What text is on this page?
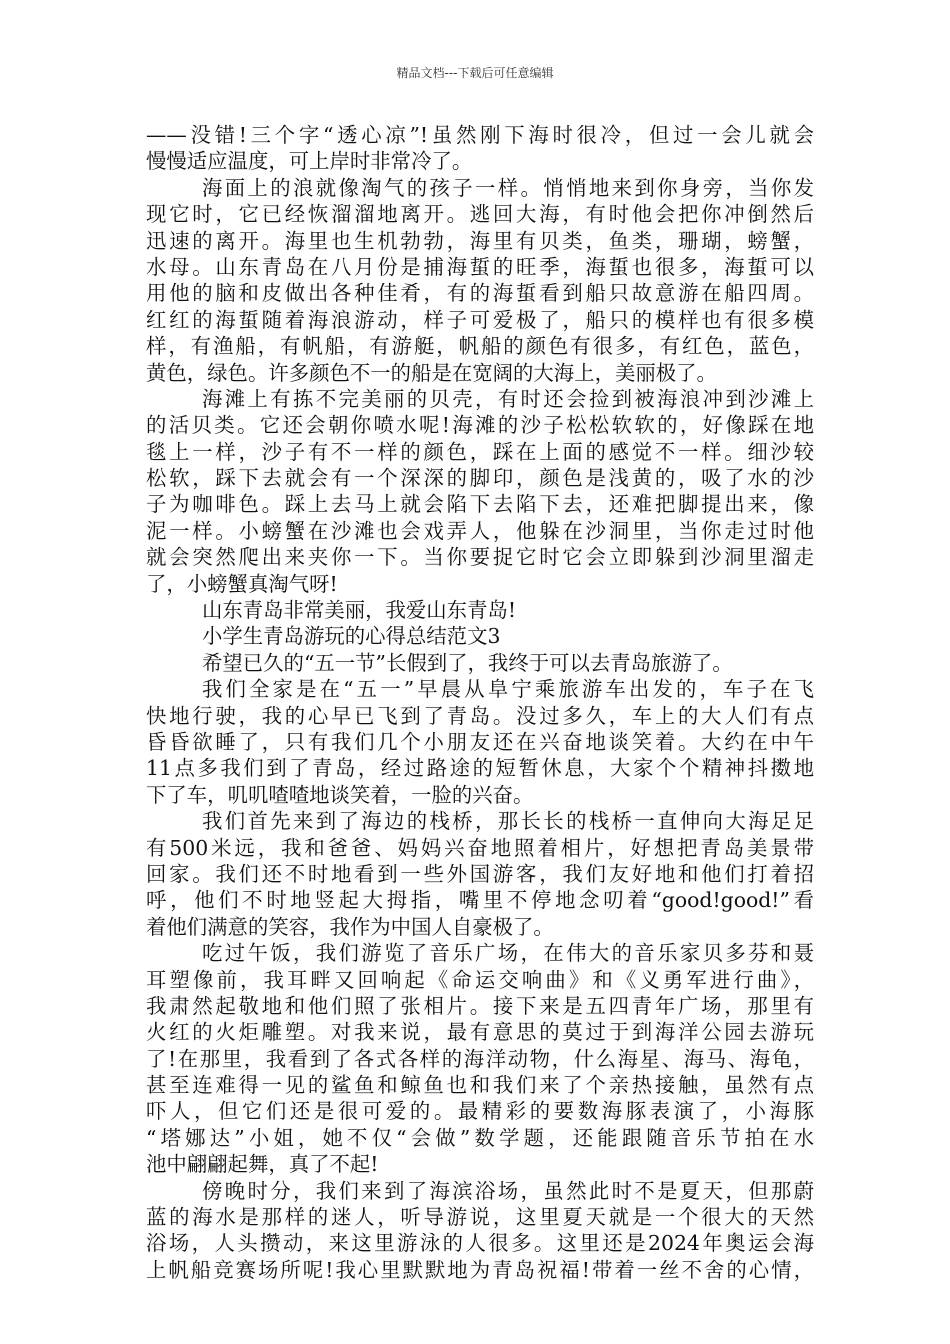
精品文档---下载后可任意编辑
——没错!三个字“透心凉”!虽然刚下海时很冷，但过一会儿就会
慢慢适应温度，可上岸时非常冷了。
海面上的浪就像淘气的孩子一样。悄悄地来到你身旁，当你发
现它时，它已经恢溜溜地离开。逃回大海，有时他会把你冲倒然后
迅速的离开。海里也生机勃勃，海里有贝类，鱼类，珊瑚，螃蟹，
水母。山东青岛在八月份是捕海蜇的旺季，海蜇也很多，海蜇可以
用他的脑和皮做出各种佳肴，有的海蜇看到船只故意游在船四周。
红红的海蜇随着海浪游动，样子可爱极了，船只的模样也有很多模
样，有渔船，有帆船，有游艇，帆船的颜色有很多，有红色，蓝色，
黄色，绿色。许多颜色不一的船是在宽阔的大海上，美丽极了。
海滩上有拣不完美丽的贝壳，有时还会捡到被海浪冲到沙滩上
的活贝类。它还会朝你喷水呢!海滩的沙子松松软软的，好像踩在地
毯上一样，沙子有不一样的颜色，踩在上面的感觉不一样。细沙较
松软，踩下去就会有一个深深的脚印，颜色是浅黄的，吸了水的沙
子为咖啡色。踩上去马上就会陷下去陷下去，还难把脚提出来，像
泥一样。小螃蟹在沙滩也会戏弄人，他躲在沙洞里，当你走过时他
就会突然爬出来夹你一下。当你要捉它时它会立即躲到沙洞里溜走
了，小螃蟹真淘气呀!
山东青岛非常美丽，我爱山东青岛!
小学生青岛游玩的心得总结范文3
希望已久的“五一节”长假到了，我终于可以去青岛旅游了。
我们全家是在“五一”早晨从阜宁乘旅游车出发的，车子在飞
快地行驶，我的心早已飞到了青岛。没过多久，车上的大人们有点
昏昏欲睡了，只有我们几个小朋友还在兴奋地谈笑着。大约在中午
11点多我们到了青岛，经过路途的短暂休息，大家个个精神抖擞地
下了车，叽叽喳喳地谈笑着，一脸的兴奋。
我们首先来到了海边的栈桥，那长长的栈桥一直伸向大海足足
有500米远，我和爸爸、妈妈兴奋地照着相片，好想把青岛美景带
回家。我们还不时地看到一些外国游客，我们友好地和他们打着招
呼，他们不时地竖起大拇指，嘴里不停地念叨着“good!good!”看
着他们满意的笑容，我作为中国人自豪极了。
吃过午饭，我们游览了音乐广场，在伟大的音乐家贝多芬和聂
耳塑像前，我耳畔又回响起《命运交响曲》和《义勇军进行曲》，
我肃然起敬地和他们照了张相片。接下来是五四青年广场，那里有
火红的火炬雕塑。对我来说，最有意思的莫过于到海洋公园去游玩
了!在那里，我看到了各式各样的海洋动物，什么海星、海马、海龟，
甚至连难得一见的鲨鱼和鲸鱼也和我们来了个亲热接触，虽然有点
吓人，但它们还是很可爱的。最精彩的要数海豚表演了，小海豚
“塔娜达”小姐，她不仅“会做”数学题，还能跟随音乐节拍在水
池中翩翩起舞，真了不起!
傍晚时分，我们来到了海滨浴场，虽然此时不是夏天，但那蔚
蓝的海水是那样的迷人，听导游说，这里夏天就是一个很大的天然
浴场，人头攒动，来这里游泳的人很多。这里还是2024年奥运会海
上帆船竞赛场所呢!我心里默默地为青岛祝福!带着一丝不舍的心情，
